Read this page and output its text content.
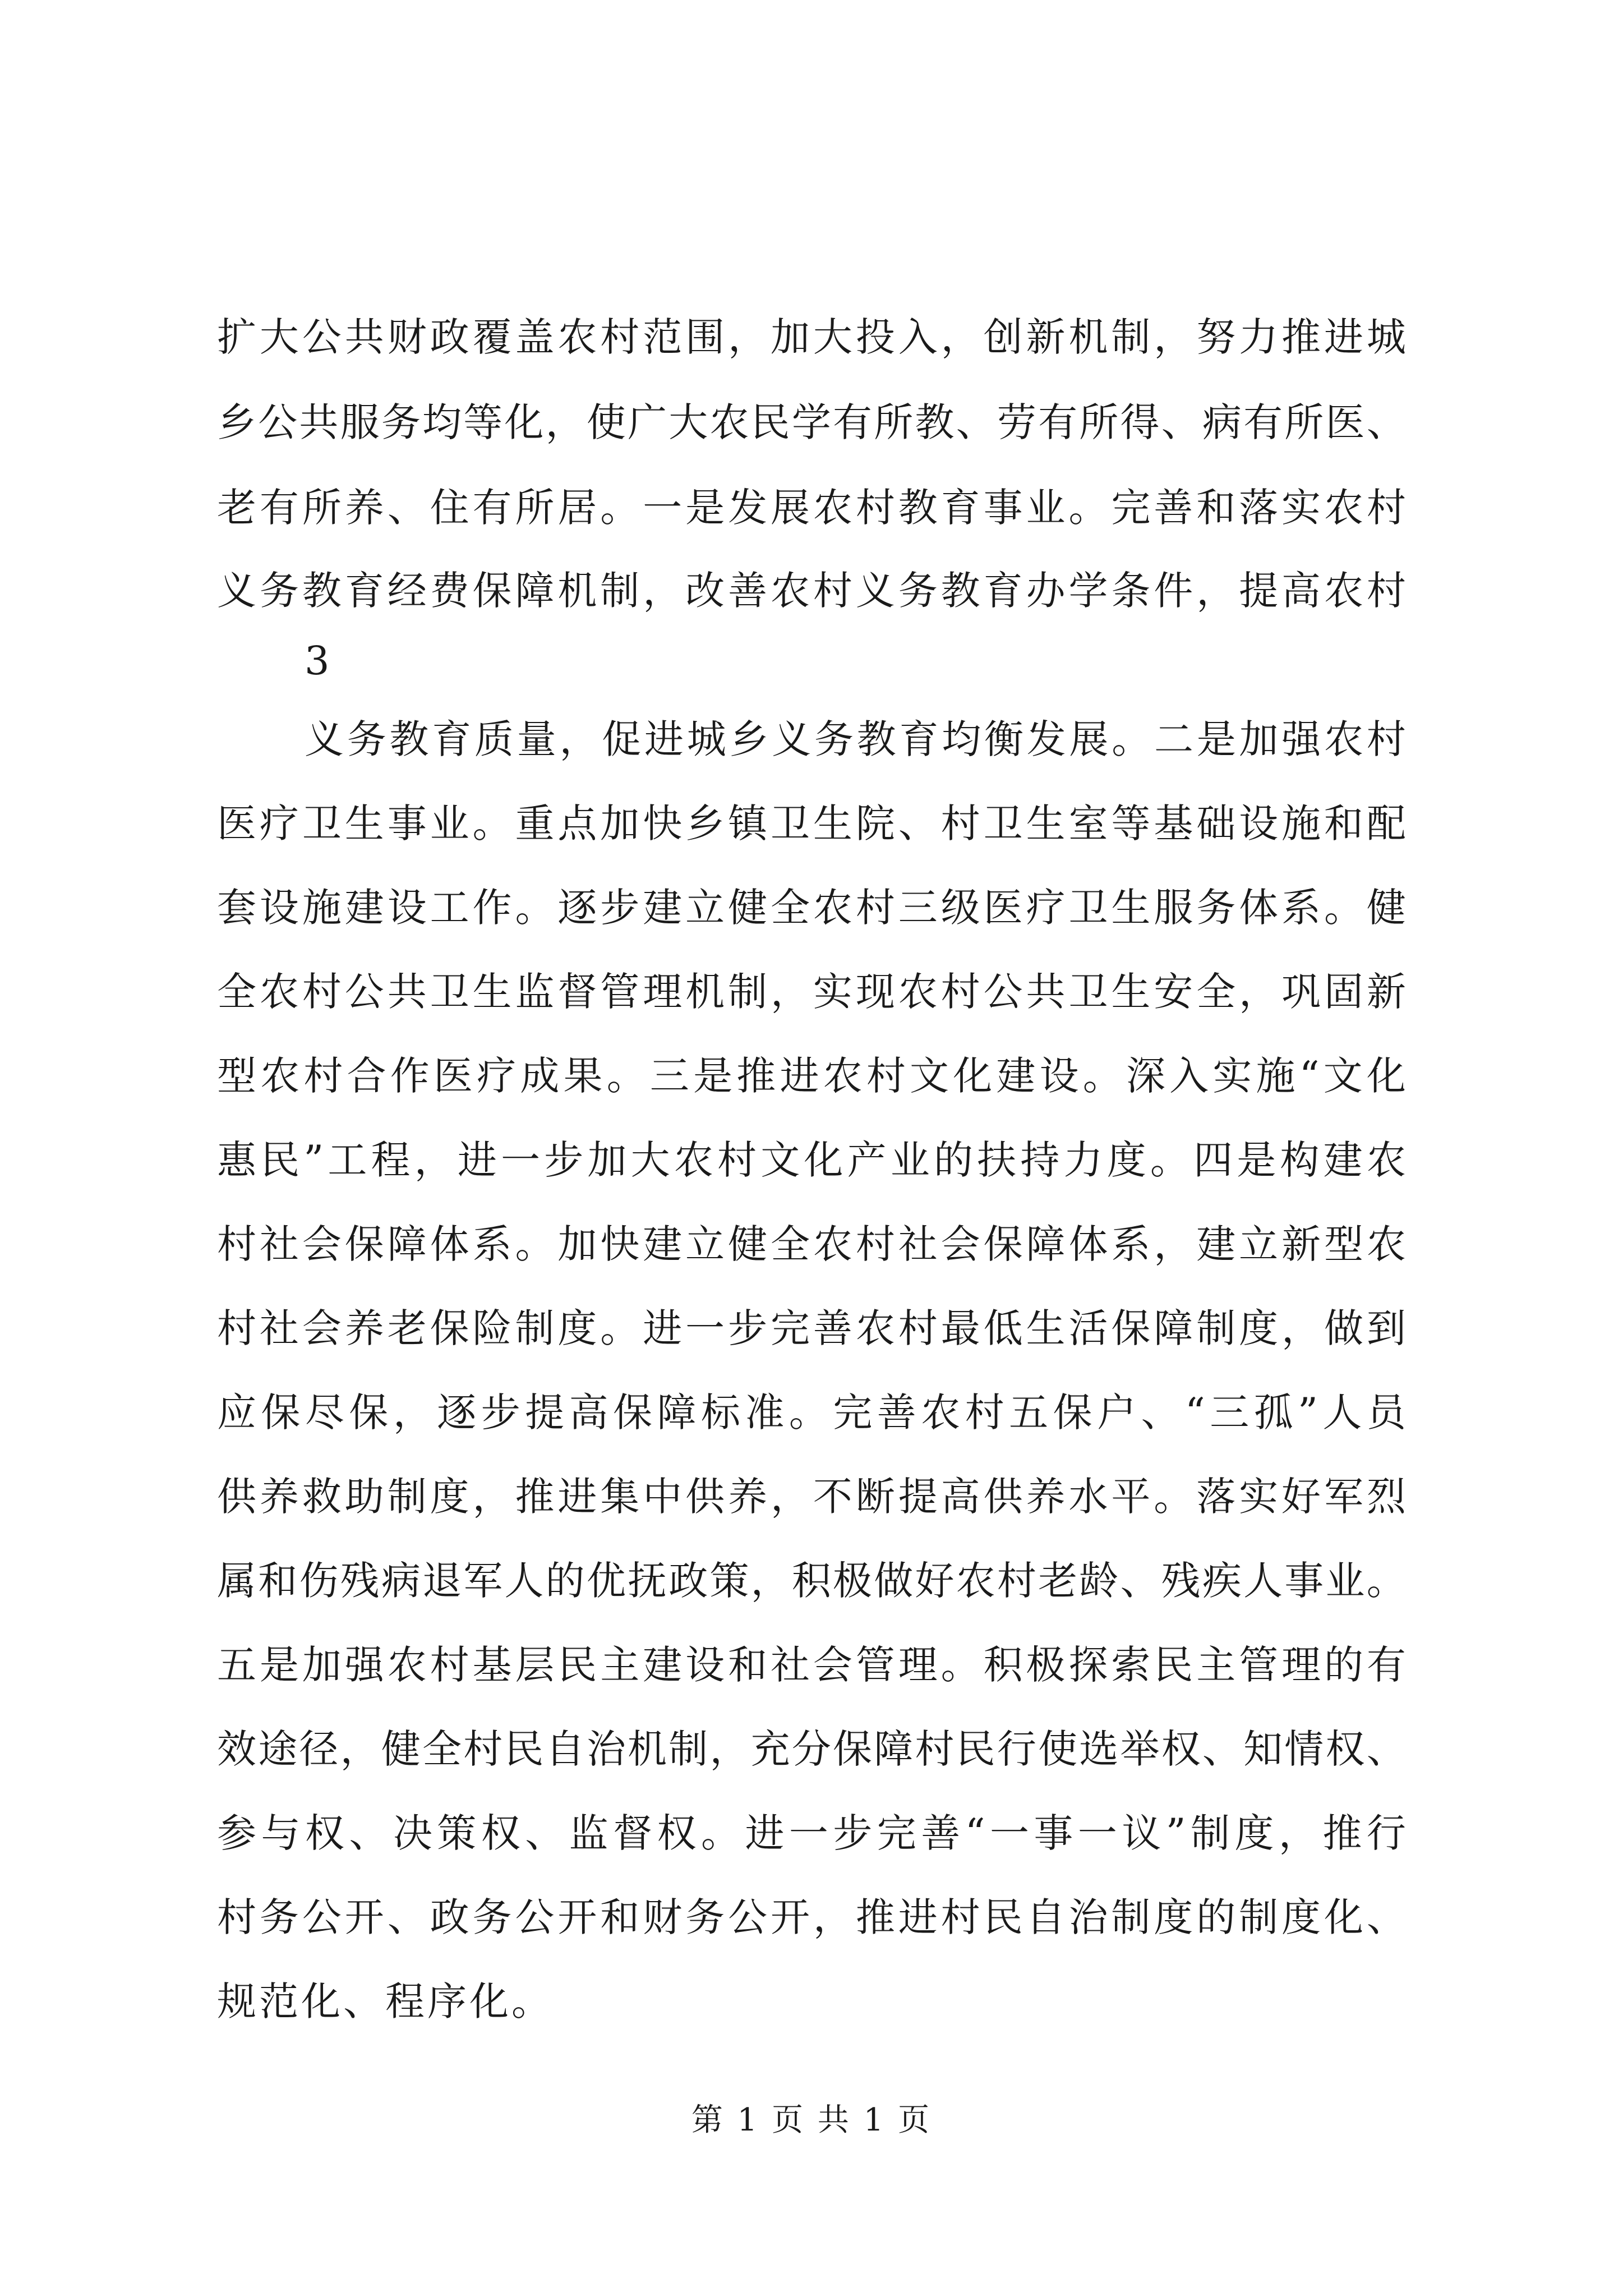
扩 大 公 共 财 政 覆 盖 农 村 范 围 ， 加 大 投 入 ， 创 新 机 制 ， 努 力 推 进 城
乡 公 共 服 务 均 等 化 ， 使 广 大 农 民 学 有 所 教 、 劳 有 所 得 、 病 有 所 医 、
老 有 所 养 、 住 有 所 居 。 一 是 发 展 农 村 教 育 事 业 。 完 善 和 落 实 农 村
义 务 教 育 经 费 保 障 机 制 ， 改 善 农 村 义 务 教 育 办 学 条 件 ， 提 高 农 村
3
义 务 教 育 质 量 ， 促 进 城 乡 义 务 教 育 均 衡 发 展 。 二 是 加 强 农 村
医 疗 卫 生 事 业 。 重 点 加 快 乡 镇 卫 生 院 、 村 卫 生 室 等 基 础 设 施 和 配
套 设 施 建 设 工 作 。 逐 步 建 立 健 全 农 村 三 级 医 疗 卫 生 服 务 体 系 。 健
全 农 村 公 共 卫 生 监 督 管 理 机 制 ， 实 现 农 村 公 共 卫 生 安 全 ， 巩 固 新
型 农 村 合 作 医 疗 成 果 。 三 是 推 进 农 村 文 化 建 设 。 深 入 实 施 “ 文 化
惠 民 ” 工 程 ， 进 一 步 加 大 农 村 文 化 产 业 的 扶 持 力 度 。 四 是 构 建 农
村 社 会 保 障 体 系 。 加 快 建 立 健 全 农 村 社 会 保 障 体 系 ， 建 立 新 型 农
村 社 会 养 老 保 险 制 度 。 进 一 步 完 善 农 村 最 低 生 活 保 障 制 度 ， 做 到
应 保 尽 保 ， 逐 步 提 高 保 障 标 准 。 完 善 农 村 五 保 户 、 “ 三 孤 ” 人 员
供 养 救 助 制 度 ， 推 进 集 中 供 养 ， 不 断 提 高 供 养 水 平 。 落 实 好 军 烈
属 和 伤 残 病 退 军 人 的 优 抚 政 策 ， 积 极 做 好 农 村 老 龄 、 残 疾 人 事 业 。
五 是 加 强 农 村 基 层 民 主 建 设 和 社 会 管 理 。 积 极 探 索 民 主 管 理 的 有
效 途 径 ， 健 全 村 民 自 治 机 制 ， 充 分 保 障 村 民 行 使 选 举 权 、 知 情 权 、
参 与 权 、 决 策 权 、 监 督 权 。 进 一 步 完 善 “ 一 事 一 议 ” 制 度 ， 推 行
村 务 公 开 、 政 务 公 开 和 财 务 公 开 ， 推 进 村 民 自 治 制 度 的 制 度 化 、
规范化、程序化。
第 1 页 共 1 页
